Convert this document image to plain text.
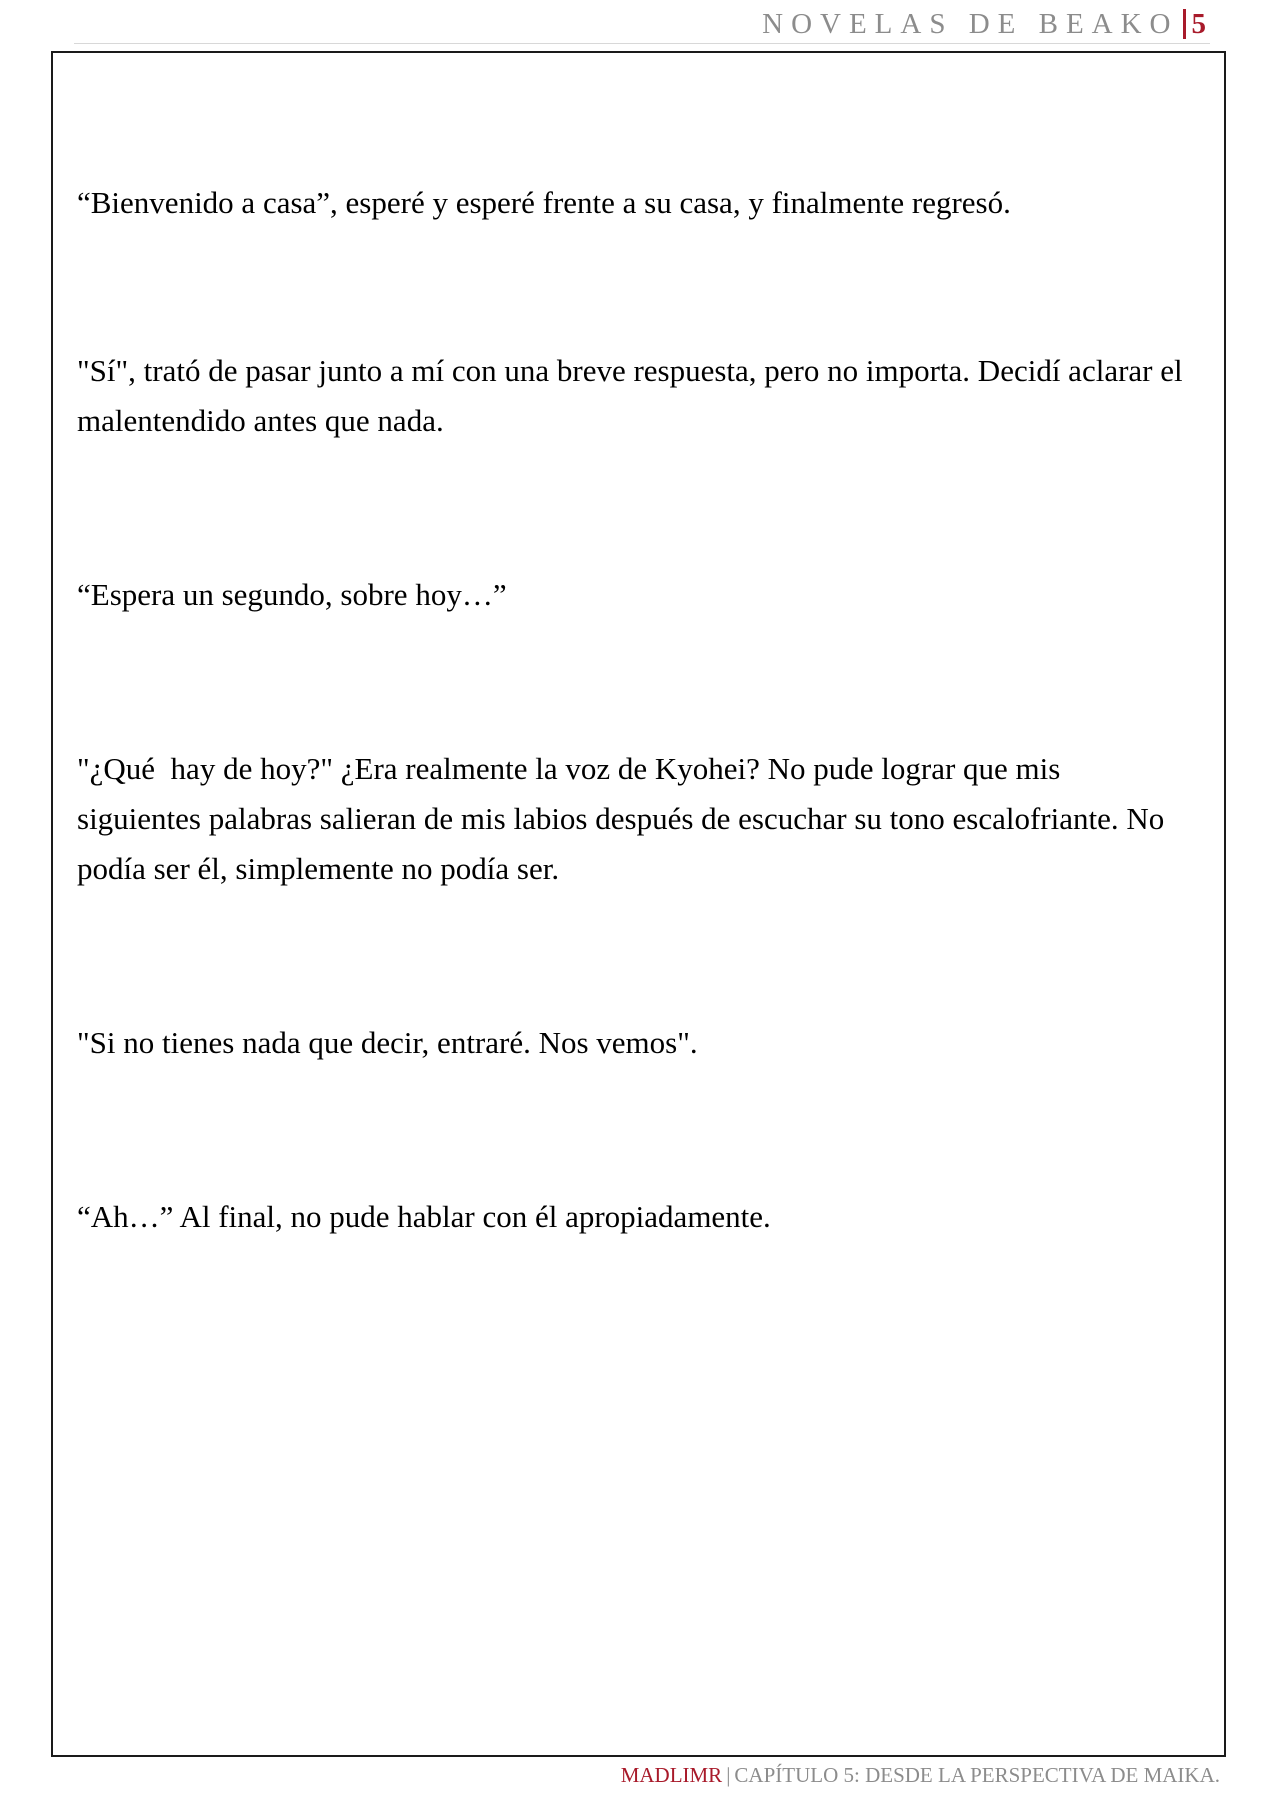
NOVELAS DE BEAKO 5

“Bienvenido a casa”, esperé y esperé frente a su casa, y finalmente regresó.

"Sí", trató de pasar junto a mí con una breve respuesta, pero no importa. Decidí aclarar el malentendido antes que nada.

“Espera un segundo, sobre hoy…”

"¿Qué  hay de hoy?" ¿Era realmente la voz de Kyohei? No pude lograr que mis siguientes palabras salieran de mis labios después de escuchar su tono escalofriante. No podía ser él, simplemente no podía ser.

"Si no tienes nada que decir, entraré. Nos vemos".

“Ah…” Al final, no pude hablar con él apropiadamente.

MADLIMR | CAPÍTULO 5: DESDE LA PERSPECTIVA DE MAIKA.
